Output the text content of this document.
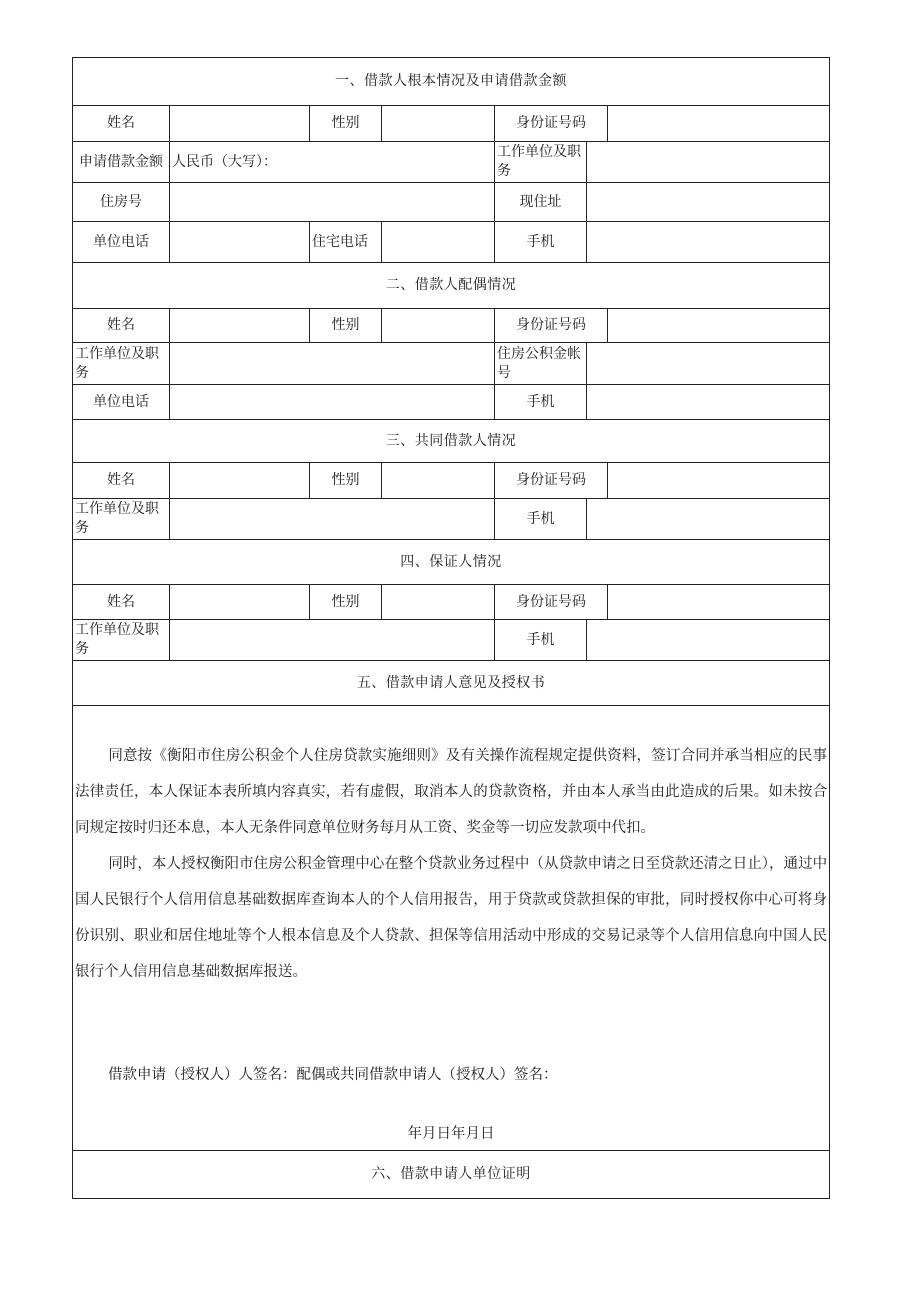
一、借款人根本情况及申请借款金额						
姓名		性别		身份证号码		
申请借款金额	人民币（大写）：			工作单位及职务		
住房号				现住址		
单位电话		住宅电话		手机		
二、借款人配偶情况						
姓名		性别		身份证号码		
工作单位及职务				住房公积金帐号		
单位电话				手机		
三、共同借款人情况						
姓名		性别		身份证号码		
工作单位及职务				手机		
四、保证人情况						
姓名		性别		身份证号码		
工作单位及职务				手机		
五、借款申请人意见及授权书						

同意按《衡阳市住房公积金个人住房贷款实施细则》及有关操作流程规定提供资料，签订合同并承当相应的民事法律责任，本人保证本表所填内容真实，若有虚假，取消本人的贷款资格，并由本人承当由此造成的后果。如未按合同规定按时归还本息，本人无条件同意单位财务每月从工资、奖金等一切应发款项中代扣。

同时，本人授权衡阳市住房公积金管理中心在整个贷款业务过程中（从贷款申请之日至贷款还清之日止），通过中国人民银行个人信用信息基础数据库查询本人的个人信用报告，用于贷款或贷款担保的审批，同时授权你中心可将身份识别、职业和居住地址等个人根本信息及个人贷款、担保等信用活动中形成的交易记录等个人信用信息向中国人民银行个人信用信息基础数据库报送。

借款申请（授权人）人签名：配偶或共同借款申请人（授权人）签名：

年月日年月日						

六、借款申请人单位证明						
